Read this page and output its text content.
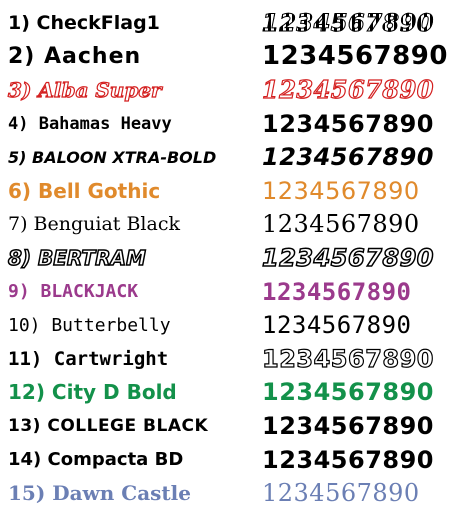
1) CheckFlag1	1234567890
2) Aachen	1234567890
3) Alba Super	1234567890
4) Bahamas Heavy	1234567890
5) BALOON XTRA-BOLD	1234567890
6) Bell Gothic	1234567890
7) Benguiat Black	1234567890
8) BERTRAM	1234567890
9) BLACKJACK	1234567890
10) Butterbelly	1234567890
11) Cartwright	1234567890
12) City D Bold	1234567890
13) COLLEGE BLACK	1234567890
14) Compacta BD	1234567890
15) Dawn Castle	1234567890
